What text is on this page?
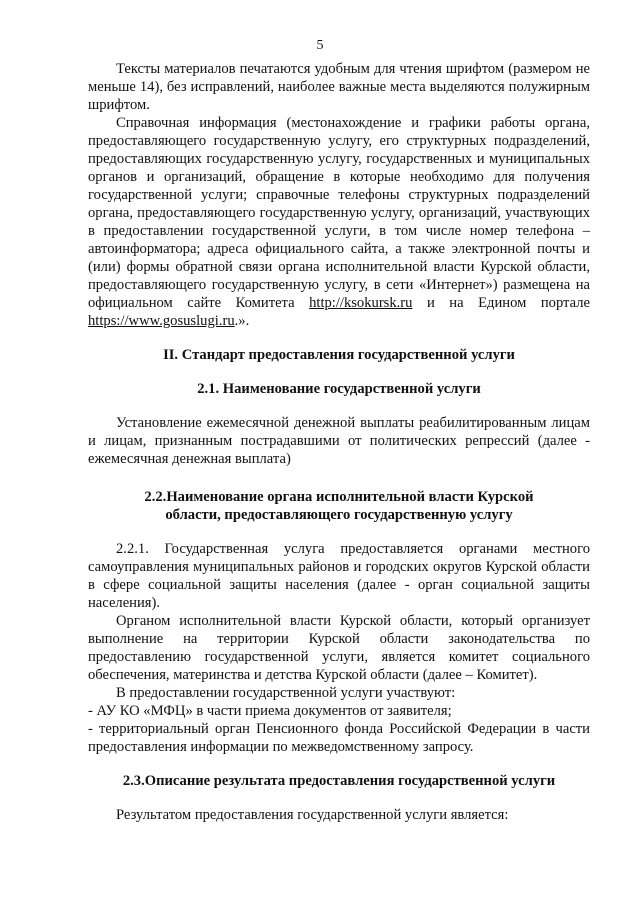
5

Тексты материалов печатаются удобным для чтения шрифтом (размером не меньше 14), без исправлений, наиболее важные места выделяются полужирным шрифтом.

Справочная информация (местонахождение и графики работы органа, предоставляющего государственную услугу, его структурных подразделений, предоставляющих государственную услугу, государственных и муниципальных органов и организаций, обращение в которые необходимо для получения государственной услуги; справочные телефоны структурных подразделений органа, предоставляющего государственную услугу, организаций, участвующих в предоставлении государственной услуги, в том числе номер телефона – автоинформатора; адреса официального сайта, а также электронной почты и (или) формы обратной связи органа исполнительной власти Курской области, предоставляющего государственную услугу, в сети «Интернет») размещена на официальном сайте Комитета http://ksokursk.ru и на Едином портале https://www.gosuslugi.ru.».

II. Стандарт предоставления государственной услуги

2.1. Наименование государственной услуги

Установление ежемесячной денежной выплаты реабилитированным лицам и лицам, признанным пострадавшими от политических репрессий (далее - ежемесячная денежная выплата)

2.2.Наименование органа исполнительной власти Курской

области, предоставляющего государственную услугу

2.2.1. Государственная услуга предоставляется органами местного самоуправления муниципальных районов и городских округов Курской области в сфере социальной защиты населения (далее - орган социальной защиты населения).

Органом исполнительной власти Курской области, который организует выполнение на территории Курской области законодательства по предоставлению государственной услуги, является комитет социального обеспечения, материнства и детства Курской области (далее – Комитет).

В предоставлении государственной услуги участвуют:

- АУ КО «МФЦ» в части приема документов от заявителя;

- территориальный орган Пенсионного фонда Российской Федерации в части предоставления информации по межведомственному запросу.

2.3.Описание результата предоставления государственной услуги

Результатом предоставления государственной услуги является:
